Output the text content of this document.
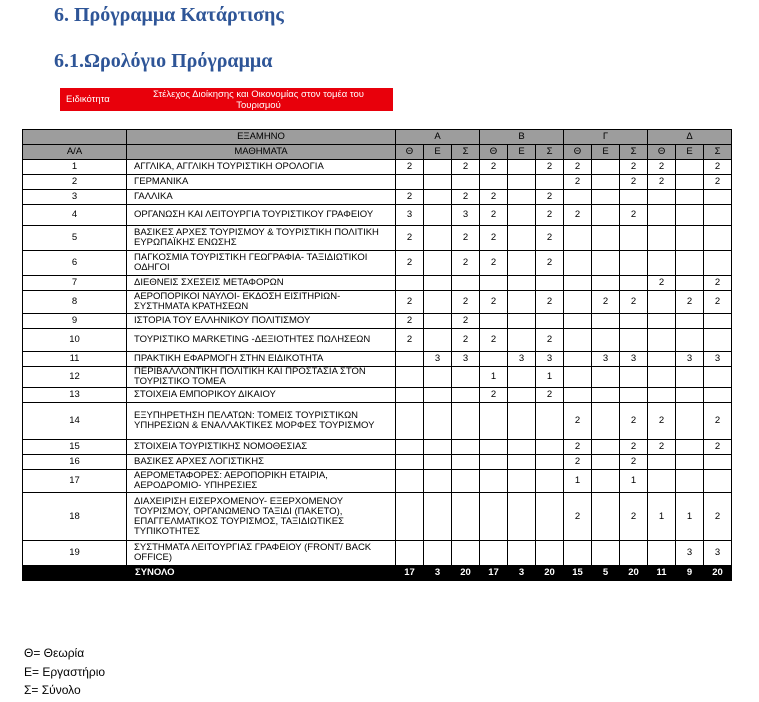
6. Πρόγραμμα Κατάρτισης
6.1.Ωρολόγιο Πρόγραμμα
Ειδικότητα	Στέλεχος Διοίκησης και Οικονομίας στον τομέα του Τουρισμού
	ΕΞΑΜΗΝΟ	Α			Β			Γ			Δ		
Α/Α	ΜΑΘΗΜΑΤΑ	Θ	Ε	Σ	Θ	Ε	Σ	Θ	Ε	Σ	Θ	Ε	Σ
1	ΑΓΓΛΙΚΑ, ΑΓΓΛΙΚΗ ΤΟΥΡΙΣΤΙΚΗ ΟΡΟΛΟΓΙΑ	2		2	2		2	2		2	2		2
2	ΓΕΡΜΑΝΙΚΑ							2		2	2		2
3	ΓΑΛΛΙΚΑ	2		2	2		2						
4	ΟΡΓΑΝΩΣΗ ΚΑΙ ΛΕΙΤΟΥΡΓΙΑ ΤΟΥΡΙΣΤΙΚΟΥ ΓΡΑΦΕΙΟΥ	3		3	2		2	2		2			
5	ΒΑΣΙΚΕΣ ΑΡΧΕΣ ΤΟΥΡΙΣΜΟΥ & ΤΟΥΡΙΣΤΙΚΗ ΠΟΛΙΤΙΚΗ ΕΥΡΩΠΑΪΚΗΣ ΕΝΩΣΗΣ	2		2	2		2						
6	ΠΑΓΚΟΣΜΙΑ ΤΟΥΡΙΣΤΙΚΗ ΓΕΩΓΡΑΦΙΑ- ΤΑΞΙΔΙΩΤΙΚΟΙ ΟΔΗΓΟΙ	2		2	2		2						
7	ΔΙΕΘΝΕΙΣ ΣΧΕΣΕΙΣ ΜΕΤΑΦΟΡΩΝ										2		2
8	ΑΕΡΟΠΟΡΙΚΟΙ ΝΑΥΛΟΙ- ΕΚΔΟΣΗ ΕΙΣΙΤΗΡΙΩΝ- ΣΥΣΤΗΜΑΤΑ ΚΡΑΤΗΣΕΩΝ	2		2	2		2		2	2		2	2
9	ΙΣΤΟΡΙΑ ΤΟΥ ΕΛΛΗΝΙΚΟΥ ΠΟΛΙΤΙΣΜΟΥ	2		2									
10	ΤΟΥΡΙΣΤΙΚΟ MARKETING -ΔΕΞΙΟΤΗΤΕΣ ΠΩΛΗΣΕΩΝ	2		2	2		2						
11	ΠΡΑΚΤΙΚΗ ΕΦΑΡΜΟΓΗ ΣΤΗΝ ΕΙΔΙΚΟΤΗΤΑ		3	3		3	3		3	3		3	3
12	ΠΕΡΙΒΑΛΛΟΝΤΙΚΗ ΠΟΛΙΤΙΚΗ ΚΑΙ ΠΡΟΣΤΑΣΙΑ ΣΤΟΝ ΤΟΥΡΙΣΤΙΚΟ ΤΟΜΕΑ				1		1						
13	ΣΤΟΙΧΕΙΑ ΕΜΠΟΡΙΚΟΥ ΔΙΚΑΙΟΥ				2		2						
14	ΕΞΥΠΗΡΕΤΗΣΗ ΠΕΛΑΤΩΝ: ΤΟΜΕΙΣ ΤΟΥΡΙΣΤΙΚΩΝ ΥΠΗΡΕΣΙΩΝ & ΕΝΑΛΛΑΚΤΙΚΕΣ ΜΟΡΦΕΣ ΤΟΥΡΙΣΜΟΥ							2		2	2		2
15	ΣΤΟΙΧΕΙΑ ΤΟΥΡΙΣΤΙΚΗΣ ΝΟΜΟΘΕΣΙΑΣ							2		2	2		2
16	ΒΑΣΙΚΕΣ ΑΡΧΕΣ ΛΟΓΙΣΤΙΚΗΣ							2		2			
17	ΑΕΡΟΜΕΤΑΦΟΡΕΣ: ΑΕΡΟΠΟΡΙΚΗ ΕΤΑΙΡΙΑ, ΑΕΡΟΔΡΟΜΙΟ- ΥΠΗΡΕΣΙΕΣ							1		1			
18	ΔΙΑΧΕΙΡΙΣΗ ΕΙΣΕΡΧΟΜΕΝΟΥ- ΕΞΕΡΧΟΜΕΝΟΥ ΤΟΥΡΙΣΜΟΥ, ΟΡΓΑΝΩΜΕΝΟ ΤΑΞΙΔΙ (ΠΑΚΕΤΟ), ΕΠΑΓΓΕΛΜΑΤΙΚΟΣ ΤΟΥΡΙΣΜΟΣ, ΤΑΞΙΔΙΩΤΙΚΕΣ ΤΥΠΙΚΟΤΗΤΕΣ							2		2	1	1	2
19	ΣΥΣΤΗΜΑΤΑ ΛΕΙΤΟΥΡΓΙΑΣ ΓΡΑΦΕΙΟΥ (FRONT/ BACK OFFICE)											3	3
	ΣΥΝΟΛΟ	17	3	20	17	3	20	15	5	20	11	9	20
Θ= Θεωρία
Ε= Εργαστήριο
Σ= Σύνολο
